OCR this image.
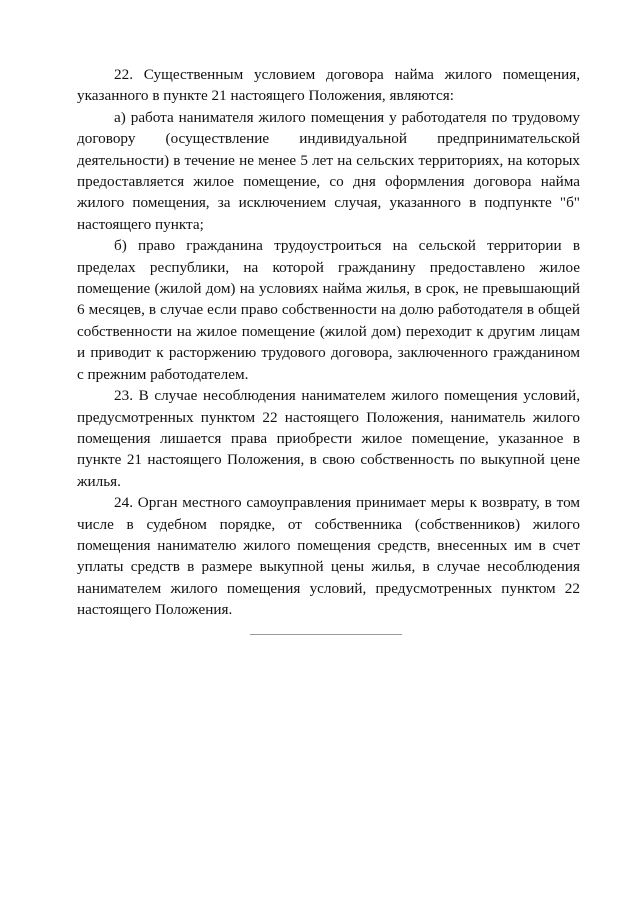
22. Существенным условием договора найма жилого помещения, указанного в пункте 21 настоящего Положения, являются:

а) работа нанимателя жилого помещения у работодателя по трудовому договору (осуществление индивидуальной предпринимательской деятельности) в течение не менее 5 лет на сельских территориях, на которых предоставляется жилое помещение, со дня оформления договора найма жилого помещения, за исключением случая, указанного в подпункте "б" настоящего пункта;

б) право гражданина трудоустроиться на сельской территории в пределах республики, на которой гражданину предоставлено жилое помещение (жилой дом) на условиях найма жилья, в срок, не превышающий 6 месяцев, в случае если право собственности на долю работодателя в общей собственности на жилое помещение (жилой дом) переходит к другим лицам и приводит к расторжению трудового договора, заключенного гражданином с прежним работодателем.

23. В случае несоблюдения нанимателем жилого помещения условий, предусмотренных пунктом 22 настоящего Положения, наниматель жилого помещения лишается права приобрести жилое помещение, указанное в пункте 21 настоящего Положения, в свою собственность по выкупной цене жилья.

24. Орган местного самоуправления принимает меры к возврату, в том числе в судебном порядке, от собственника (собственников) жилого помещения нанимателю жилого помещения средств, внесенных им в счет уплаты средств в размере выкупной цены жилья, в случае несоблюдения нанимателем жилого помещения условий, предусмотренных пунктом 22 настоящего Положения.
